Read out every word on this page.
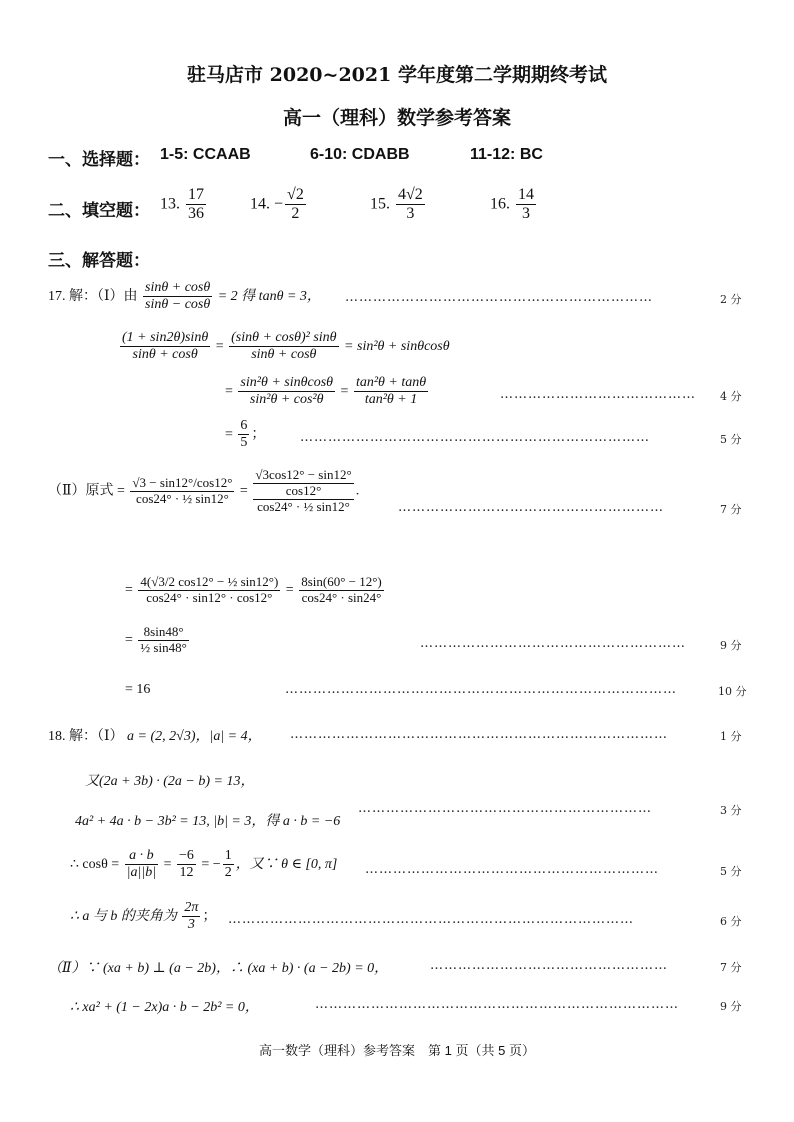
驻马店市 2020~2021 学年度第二学期期终考试
高一（理科）数学参考答案
一、选择题： 1-5: CCAAB	6-10: CDABB	11-12: BC
二、填空题： 13. $\frac{17}{36}$	14. − $\frac{√2}{2}$	15. $\frac{4√2}{3}$	16. $\frac{14}{3}$
三、解答题：
17. 解：（Ⅰ）由 $\frac{\sin\theta + \cos\theta}{\sin\theta - \cos\theta} = 2$ 得 tanθ = 3， …………………………………………………………	2 分
$\frac{(1 + \sin 2\theta)\sin\theta}{\sin\theta + \cos\theta} = \frac{\text{(sinθ + cosθ)² sinθ}}{\sin\theta + \cos\theta} = \sin^2\theta + \sin\theta\cos\theta$
= $\frac{\text{sin²θ + sinθcosθ}}{\text{sin²θ + cos²θ}} = \frac{\text{tan²θ + tanθ}}{\text{tan²θ + 1}}$	…………………………………… 4 分
= $\frac{6}{5}$ ；	…………………………………………………………………	5 分
（Ⅱ）原式 = $\frac{√3 - \sin 12^\circ/\cos 12^\circ}{\text{cos24° · ½ sin12°}}$ =
√3cos12° − sin12°
cos12°
cos24° · ½ sin12°
.
…………………………………………………	7 分
= $\frac{\text{4(√3/2 cos12° − ½ sin12°)}}{\cos 24^\circ \cdot \sin 12^\circ \cdot \cos 12^\circ} = \frac{8\sin(60^\circ - 12^\circ)}{\cos 24^\circ \cdot \sin 24^\circ}$
= $\frac{8\sin 48^\circ}{\text{½ sin48°}}$	…………………………………………………	9 分
= 16	…………………………………………………………………………	10 分
18. 解：（Ⅰ） a = (2, 2√3)，|a| = 4， ………………………………………………………………………	1 分
又(2a + 3b) · (2a − b) = 13，
4a² + 4a · b − 3b² = 13, |b| = 3，得 a · b = −6
………………………………………………………	3 分
∴ $\cos\theta = \frac{a \cdot b}{|a||b|} = \frac{-6}{12}$ = − $\frac{1}{2}$ ，又∵ θ ∈ [0, π] ………………………………………………………	5 分
∴ a 与 b 的夹角为 $\frac{2\pi}{3}$ ； ……………………………………………………………………………	6 分
（Ⅱ）∵ (xa + b) ⊥ (a − 2b)，∴ (xa + b) · (a − 2b) = 0，	……………………………………………	7 分
∴ xa² + (1 − 2x)a · b − 2b² = 0，	……………………………………………………………………	9 分
高一数学（理科）参考答案　第 1 页（共 5 页）
